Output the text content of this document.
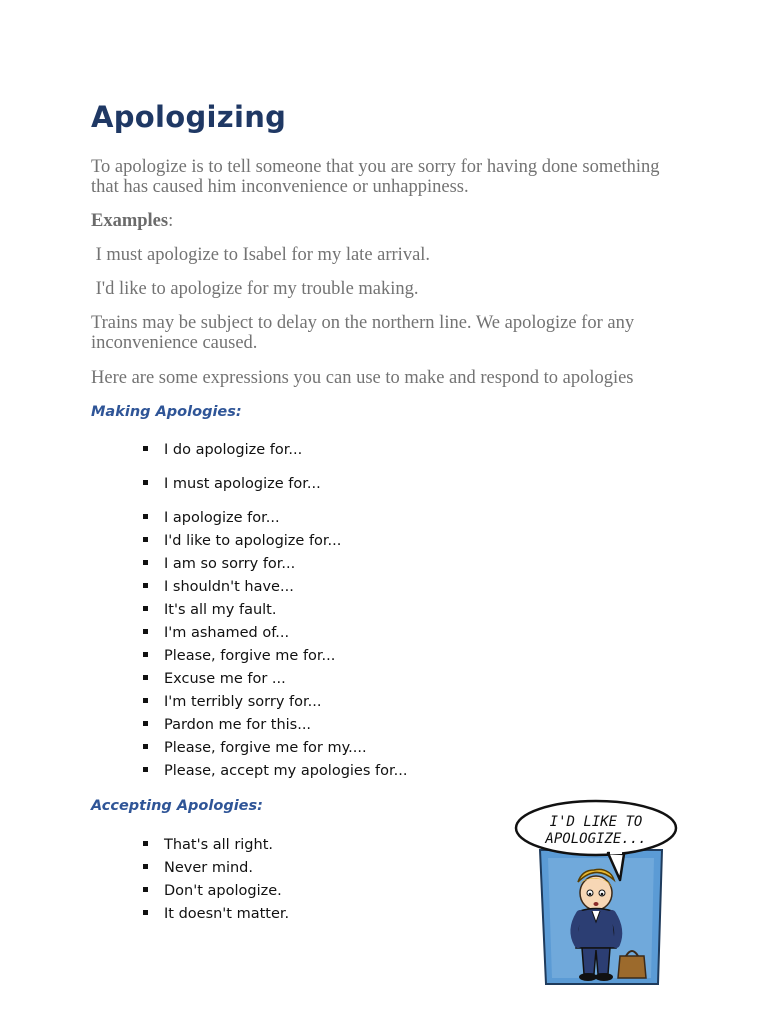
Apologizing

To apologize is to tell someone that you are sorry for having done something that has caused him inconvenience or unhappiness.

Examples:

I must apologize to Isabel for my late arrival.

I'd like to apologize for my trouble making.

Trains may be subject to delay on the northern line. We apologize for any inconvenience caused.

Here are some expressions you can use to make and respond to apologies

Making Apologies:
I do apologize for...
I must apologize for...
I apologize for...
I'd like to apologize for...
I am so sorry for...
I shouldn't have...
It's all my fault.
I'm ashamed of...
Please, forgive me for...
Excuse me for ...
I'm terribly sorry for...
Pardon me for this...
Please, forgive me for my....
Please, accept my apologies for...
Accepting Apologies:
That's all right.
Never mind.
Don't apologize.
It doesn't matter.
I'D LIKE TO
APOLOGIZE...
